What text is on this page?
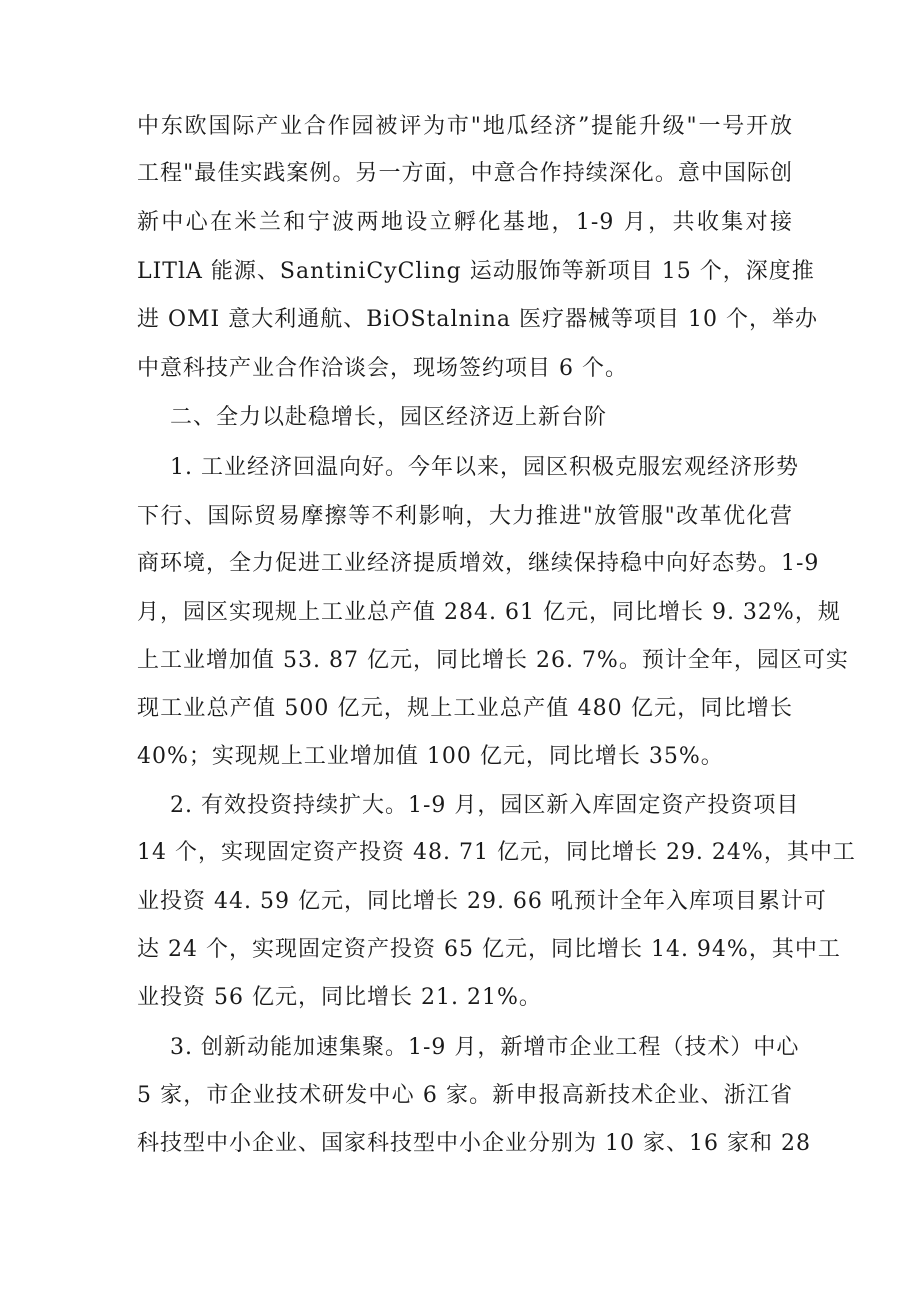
中东欧国际产业合作园被评为市"地瓜经济”提能升级"一号开放
工程"最佳实践案例。另一方面，中意合作持续深化。意中国际创
新中心在米兰和宁波两地设立孵化基地，1-9 月，共收集对接
LITlA 能源、SantiniCyCling 运动服饰等新项目 15 个，深度推
进 OMI 意大利通航、BiOStalnina 医疗器械等项目 10 个，举办
中意科技产业合作洽谈会，现场签约项目 6 个。
二、全力以赴稳增长，园区经济迈上新台阶
1. 工业经济回温向好。今年以来，园区积极克服宏观经济形势
下行、国际贸易摩擦等不利影响，大力推进"放管服"改革优化营
商环境，全力促进工业经济提质增效，继续保持稳中向好态势。1-9
月，园区实现规上工业总产值 284. 61 亿元，同比增长 9. 32%，规
上工业增加值 53. 87 亿元，同比增长 26. 7%。预计全年，园区可实
现工业总产值 500 亿元，规上工业总产值 480 亿元，同比增长
40%；实现规上工业增加值 100 亿元，同比增长 35%。
2. 有效投资持续扩大。1-9 月，园区新入库固定资产投资项目
14 个，实现固定资产投资 48. 71 亿元，同比增长 29. 24%，其中工
业投资 44. 59 亿元，同比增长 29. 66 吼预计全年入库项目累计可
达 24 个，实现固定资产投资 65 亿元，同比增长 14. 94%，其中工
业投资 56 亿元，同比增长 21. 21%。
3. 创新动能加速集聚。1-9 月，新增市企业工程（技术）中心
5 家，市企业技术研发中心 6 家。新申报高新技术企业、浙江省
科技型中小企业、国家科技型中小企业分别为 10 家、16 家和 28
